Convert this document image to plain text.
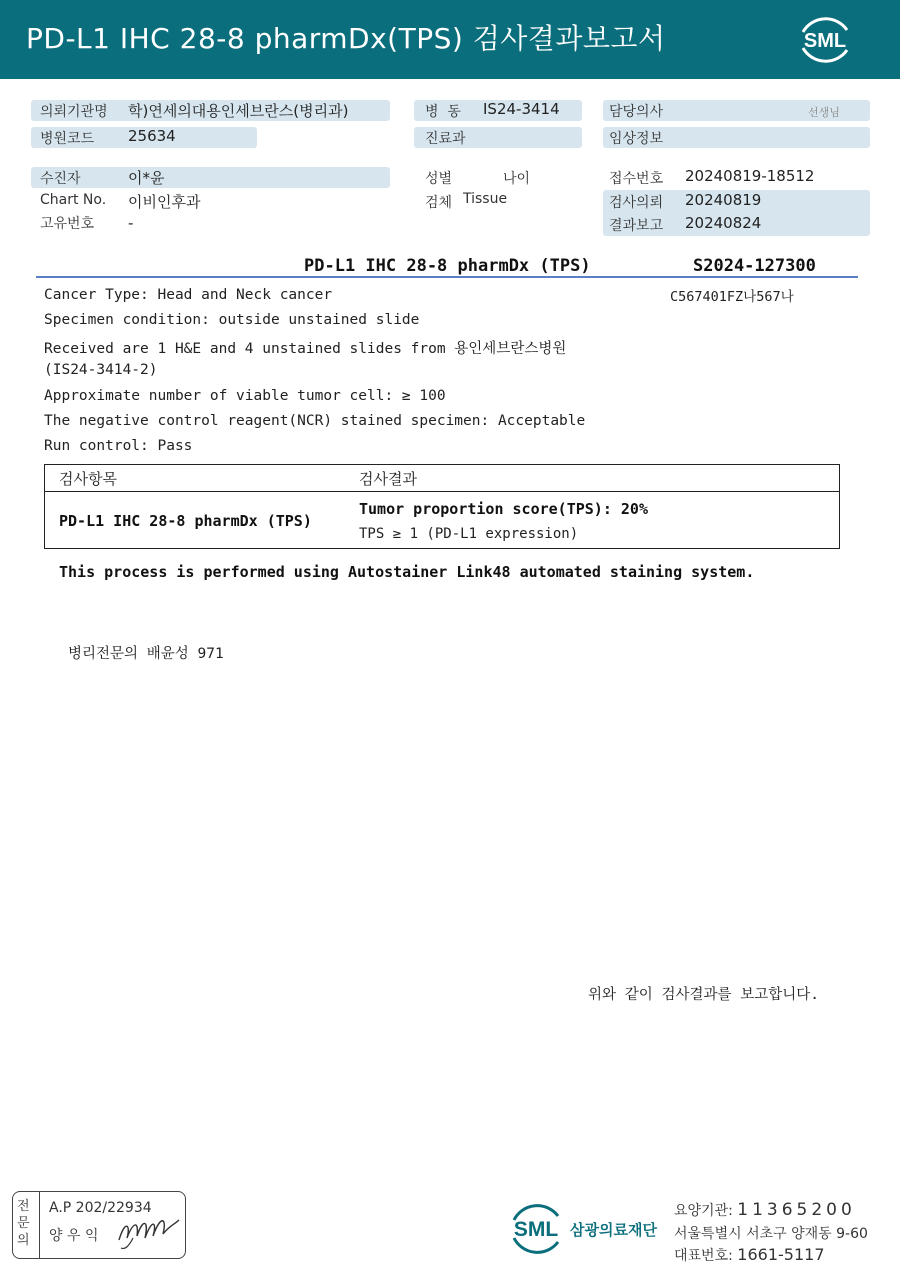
PD-L1 IHC 28-8 pharmDx(TPS) 검사결과보고서	SML
의뢰기관명 학)연세의대용인세브란스(병리과)
병원코드 25634
수진자	이*윤
Chart No. 이비인후과
고유번호 -
병  동 IS24-3414
진료과
성별	나이
검체 Tissue
담당의사	선생님
임상정보
접수번호 20240819-18512
검사의뢰 20240819
결과보고 20240824
PD-L1 IHC 28-8 pharmDx (TPS)	S2024-127300
C567401FZ나567나
Cancer Type: Head and Neck cancer
Specimen condition: outside unstained slide
Received are 1 H&E and 4 unstained slides from 용인세브란스병원
(IS24-3414-2)
Approximate number of viable tumor cell: ≥ 100
The negative control reagent(NCR) stained specimen: Acceptable
Run control: Pass
검사항목	검사결과
PD-L1 IHC 28-8 pharmDx (TPS)	Tumor proportion score(TPS): 20%
TPS ≥ 1 (PD-L1 expression)
This process is performed using Autostainer Link48 automated staining system.
병리전문의 배윤성 971
위와 같이 검사결과를 보고합니다.
전문의
A.P 202/22934
양 우 익	SML 삼광의료재단
요양기관: 11365200
서울특별시 서초구 양재동 9-60
대표번호: 1661-5117
